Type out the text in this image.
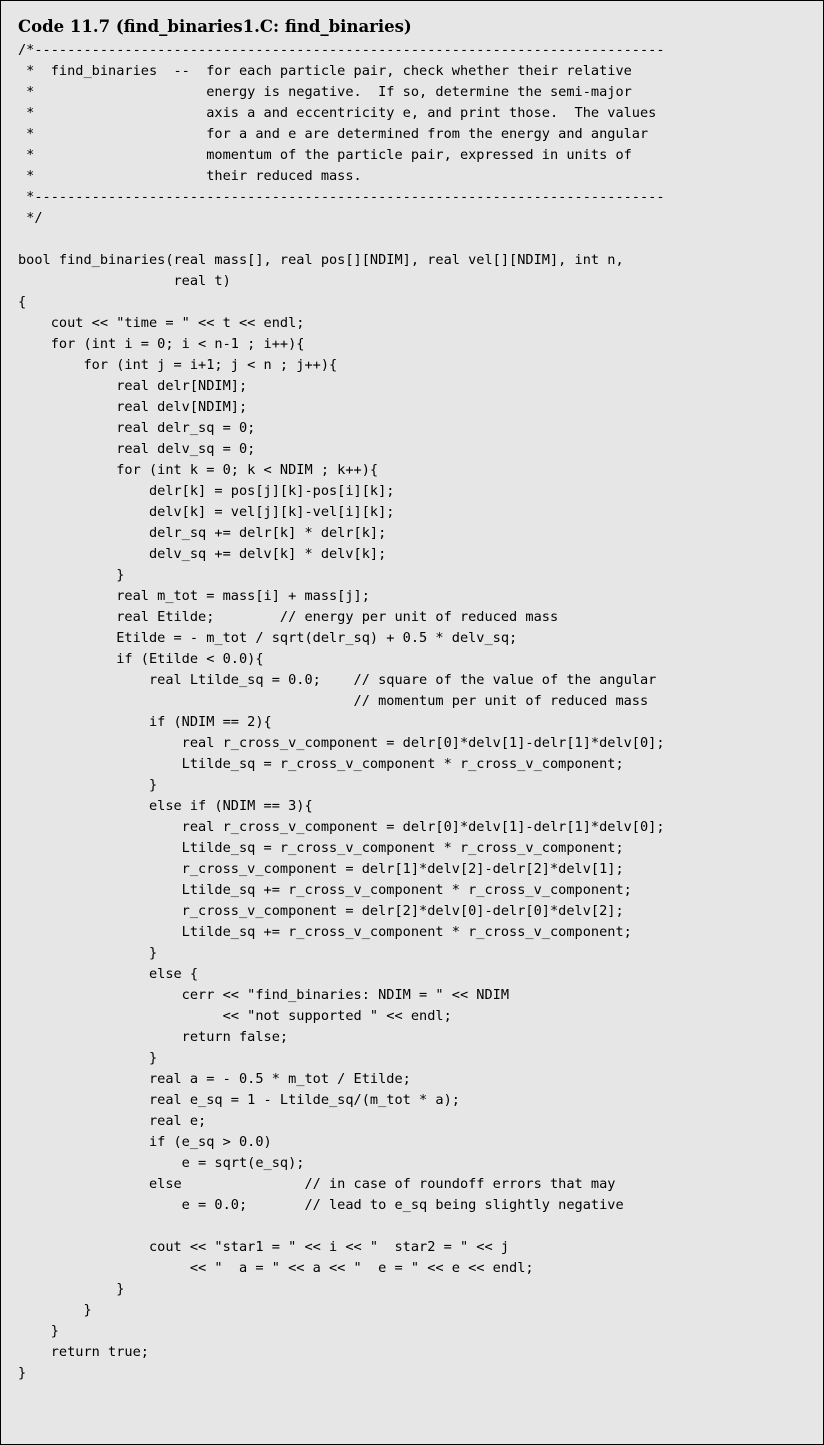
Code 11.7 (find_binaries1.C: find_binaries)
/*-----------------------------------------------------------------------------
*  find_binaries  --  for each particle pair, check whether their relative
*                     energy is negative.  If so, determine the semi-major
*                     axis a and eccentricity e, and print those.  The values
*                     for a and e are determined from the energy and angular
*                     momentum of the particle pair, expressed in units of
*                     their reduced mass.
*-----------------------------------------------------------------------------
*/
bool find_binaries(real mass[], real pos[][NDIM], real vel[][NDIM], int n,
real t)
{
cout << "time = " << t << endl;
for (int i = 0; i < n-1 ; i++){
for (int j = i+1; j < n ; j++){
real delr[NDIM];
real delv[NDIM];
real delr_sq = 0;
real delv_sq = 0;
for (int k = 0; k < NDIM ; k++){
delr[k] = pos[j][k]-pos[i][k];
delv[k] = vel[j][k]-vel[i][k];
delr_sq += delr[k] * delr[k];
delv_sq += delv[k] * delv[k];
}
real m_tot = mass[i] + mass[j];
real Etilde;        // energy per unit of reduced mass
Etilde = - m_tot / sqrt(delr_sq) + 0.5 * delv_sq;
if (Etilde < 0.0){
real Ltilde_sq = 0.0;    // square of the value of the angular
// momentum per unit of reduced mass
if (NDIM == 2){
real r_cross_v_component = delr[0]*delv[1]-delr[1]*delv[0];
Ltilde_sq = r_cross_v_component * r_cross_v_component;
}
else if (NDIM == 3){
real r_cross_v_component = delr[0]*delv[1]-delr[1]*delv[0];
Ltilde_sq = r_cross_v_component * r_cross_v_component;
r_cross_v_component = delr[1]*delv[2]-delr[2]*delv[1];
Ltilde_sq += r_cross_v_component * r_cross_v_component;
r_cross_v_component = delr[2]*delv[0]-delr[0]*delv[2];
Ltilde_sq += r_cross_v_component * r_cross_v_component;
}
else {
cerr << "find_binaries: NDIM = " << NDIM
<< "not supported " << endl;
return false;
}
real a = - 0.5 * m_tot / Etilde;
real e_sq = 1 - Ltilde_sq/(m_tot * a);
real e;
if (e_sq > 0.0)
e = sqrt(e_sq);
else               // in case of roundoff errors that may
e = 0.0;       // lead to e_sq being slightly negative
cout << "star1 = " << i << "  star2 = " << j
<< "  a = " << a << "  e = " << e << endl;
}
}
}
return true;
}
